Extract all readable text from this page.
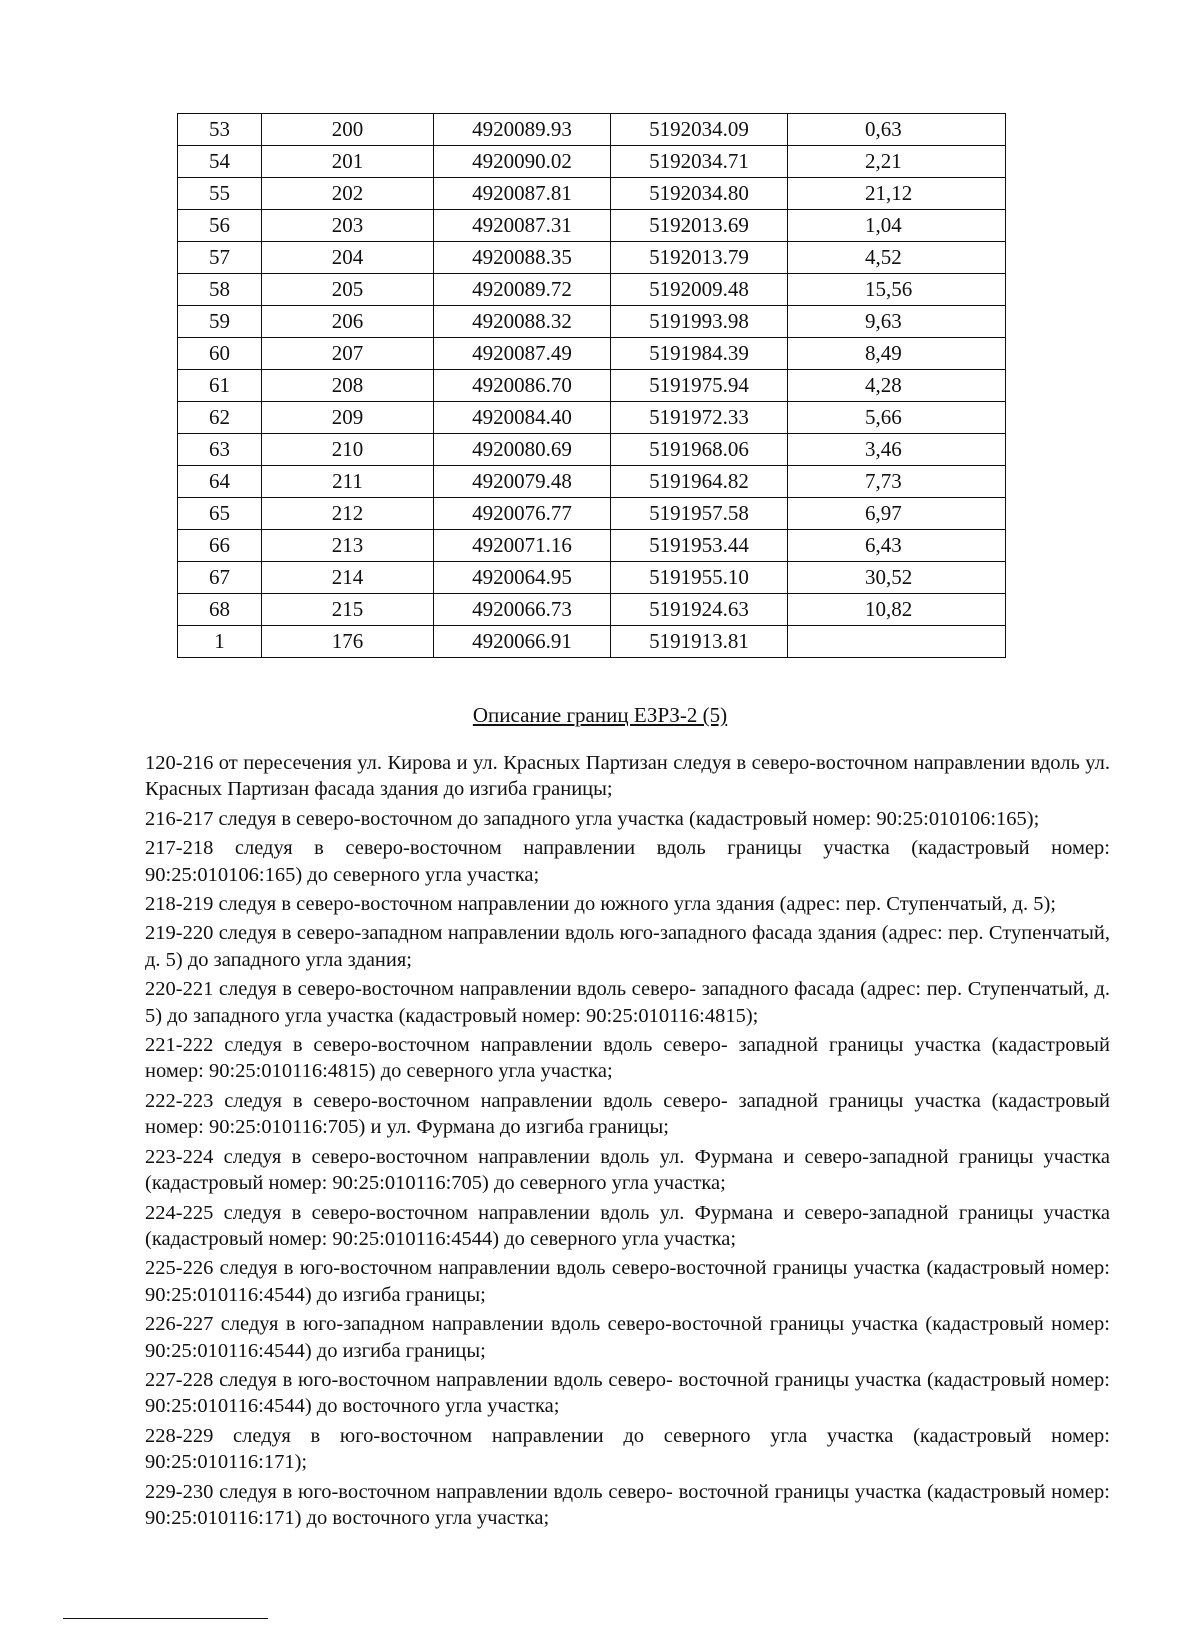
53	200	4920089.93	5192034.09	0,63
54	201	4920090.02	5192034.71	2,21
55	202	4920087.81	5192034.80	21,12
56	203	4920087.31	5192013.69	1,04
57	204	4920088.35	5192013.79	4,52
58	205	4920089.72	5192009.48	15,56
59	206	4920088.32	5191993.98	9,63
60	207	4920087.49	5191984.39	8,49
61	208	4920086.70	5191975.94	4,28
62	209	4920084.40	5191972.33	5,66
63	210	4920080.69	5191968.06	3,46
64	211	4920079.48	5191964.82	7,73
65	212	4920076.77	5191957.58	6,97
66	213	4920071.16	5191953.44	6,43
67	214	4920064.95	5191955.10	30,52
68	215	4920066.73	5191924.63	10,82
1	176	4920066.91	5191913.81	
Описание границ ЕЗРЗ-2 (5)

120-216 от пересечения ул. Кирова и ул. Красных Партизан следуя в северо-восточном направлении вдоль ул. Красных Партизан фасада здания до изгиба границы;

216-217 следуя в северо-восточном до западного угла участка (кадастровый номер: 90:25:010106:165);

217-218 следуя в северо-восточном направлении вдоль границы участка (кадастровый номер: 90:25:010106:165) до северного угла участка;

218-219 следуя в северо-восточном направлении до южного угла здания (адрес: пер. Ступенчатый, д. 5);

219-220 следуя в северо-западном направлении вдоль юго-западного фасада здания (адрес: пер. Ступенчатый, д. 5) до западного угла здания;

220-221 следуя в северо-восточном направлении вдоль северо- западного фасада (адрес: пер. Ступенчатый, д. 5) до западного угла участка (кадастровый номер: 90:25:010116:4815);

221-222 следуя в северо-восточном направлении вдоль северо- западной границы участка (кадастровый номер: 90:25:010116:4815) до северного угла участка;

222-223 следуя в северо-восточном направлении вдоль северо- западной границы участка (кадастровый номер: 90:25:010116:705) и ул. Фурмана до изгиба границы;

223-224 следуя в северо-восточном направлении вдоль ул. Фурмана и северо-западной границы участка (кадастровый номер: 90:25:010116:705) до северного угла участка;

224-225 следуя в северо-восточном направлении вдоль ул. Фурмана и северо-западной границы участка (кадастровый номер: 90:25:010116:4544) до северного угла участка;

225-226 следуя в юго-восточном направлении вдоль северо-восточной границы участка (кадастровый номер: 90:25:010116:4544) до изгиба границы;

226-227 следуя в юго-западном направлении вдоль северо-восточной границы участка (кадастровый номер: 90:25:010116:4544) до изгиба границы;

227-228 следуя в юго-восточном направлении вдоль северо- восточной границы участка (кадастровый номер: 90:25:010116:4544) до восточного угла участка;

228-229 следуя в юго-восточном направлении до северного угла участка (кадастровый номер: 90:25:010116:171);

229-230 следуя в юго-восточном направлении вдоль северо- восточной границы участка (кадастровый номер: 90:25:010116:171) до восточного угла участка;
